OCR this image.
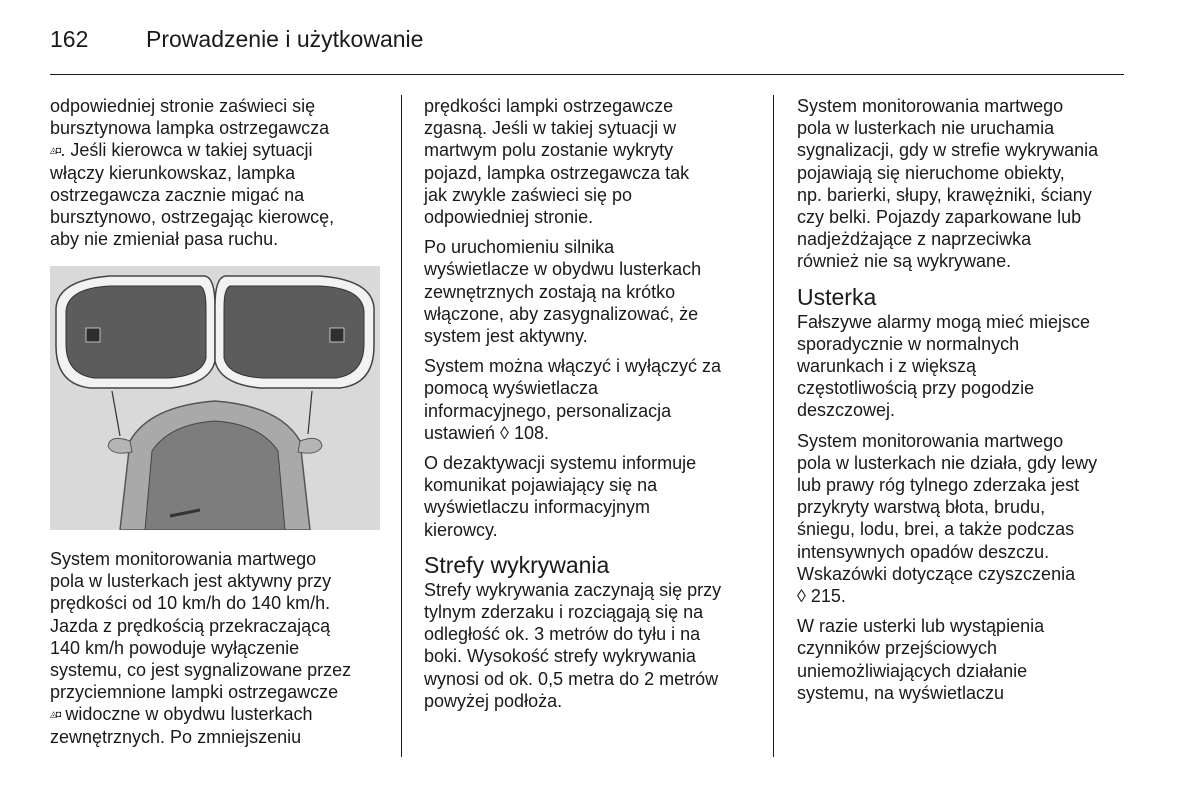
162	Prowadzenie i użytkowanie
odpowiedniej stronie zaświeci się
bursztynowa lampka ostrzegawcza
◬◘. Jeśli kierowca w takiej sytuacji
włączy kierunkowskaz, lampka
ostrzegawcza zacznie migać na
bursztynowo, ostrzegając kierowcę,
aby nie zmieniał pasa ruchu.
System monitorowania martwego
pola w lusterkach jest aktywny przy
prędkości od 10 km/h do 140 km/h.
Jazda z prędkością przekraczającą
140 km/h powoduje wyłączenie
systemu, co jest sygnalizowane przez
przyciemnione lampki ostrzegawcze
◬◘ widoczne w obydwu lusterkach
zewnętrznych. Po zmniejszeniu

prędkości lampki ostrzegawcze

zgasną. Jeśli w takiej sytuacji w

martwym polu zostanie wykryty

pojazd, lampka ostrzegawcza tak

jak zwykle zaświeci się po

odpowiedniej stronie.

Po uruchomieniu silnika

wyświetlacze w obydwu lusterkach

zewnętrznych zostają na krótko

włączone, aby zasygnalizować, że

system jest aktywny.

System można włączyć i wyłączyć za

pomocą wyświetlacza

informacyjnego, personalizacja

ustawień ◊ 108.

O dezaktywacji systemu informuje

komunikat pojawiający się na

wyświetlaczu informacyjnym

kierowcy.

Strefy wykrywania

Strefy wykrywania zaczynają się przy

tylnym zderzaku i rozciągają się na

odległość ok. 3 metrów do tyłu i na

boki. Wysokość strefy wykrywania

wynosi od ok. 0,5 metra do 2 metrów

powyżej podłoża.

System monitorowania martwego

pola w lusterkach nie uruchamia

sygnalizacji, gdy w strefie wykrywania

pojawiają się nieruchome obiekty,

np. barierki, słupy, krawężniki, ściany

czy belki. Pojazdy zaparkowane lub

nadjeżdżające z naprzeciwka

również nie są wykrywane.

Usterka

Fałszywe alarmy mogą mieć miejsce

sporadycznie w normalnych

warunkach i z większą

częstotliwością przy pogodzie

deszczowej.

System monitorowania martwego

pola w lusterkach nie działa, gdy lewy

lub prawy róg tylnego zderzaka jest

przykryty warstwą błota, brudu,

śniegu, lodu, brei, a także podczas

intensywnych opadów deszczu.

Wskazówki dotyczące czyszczenia

◊ 215.

W razie usterki lub wystąpienia

czynników przejściowych

uniemożliwiających działanie

systemu, na wyświetlaczu
